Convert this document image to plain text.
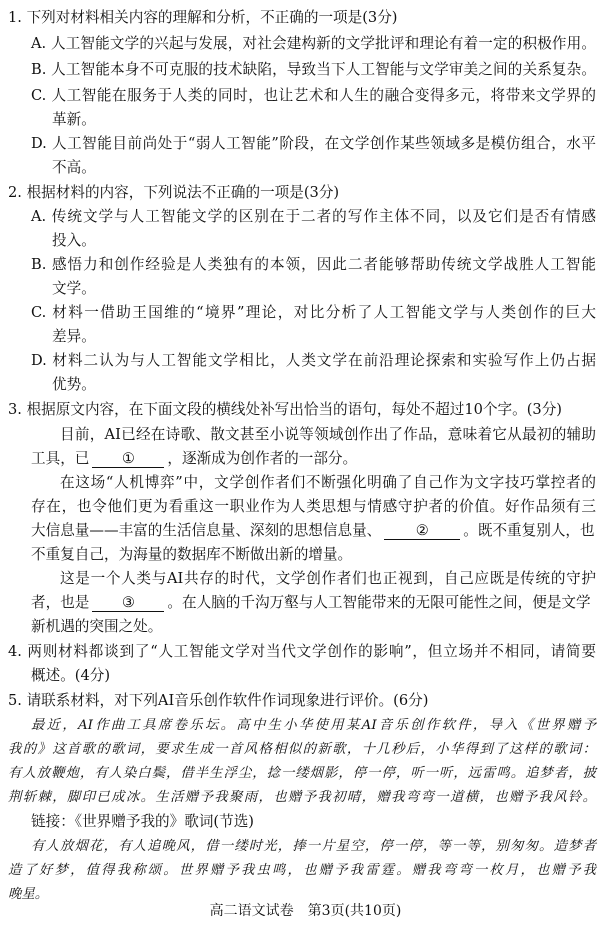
1. 下列对材料相关内容的理解和分析，不正确的一项是(3分)
A. 人工智能文学的兴起与发展，对社会建构新的文学批评和理论有着一定的积极作用。
B. 人工智能本身不可克服的技术缺陷，导致当下人工智能与文学审美之间的关系复杂。
C. 人工智能在服务于人类的同时，也让艺术和人生的融合变得多元，将带来文学界的
革新。
D. 人工智能目前尚处于“弱人工智能”阶段，在文学创作某些领域多是模仿组合，水平
不高。
2. 根据材料的内容，下列说法不正确的一项是(3分)
A. 传统文学与人工智能文学的区别在于二者的写作主体不同，以及它们是否有情感
投入。
B. 感悟力和创作经验是人类独有的本领，因此二者能够帮助传统文学战胜人工智能
文学。
C. 材料一借助王国维的“境界”理论，对比分析了人工智能文学与人类创作的巨大
差异。
D. 材料二认为与人工智能文学相比，人类文学在前沿理论探索和实验写作上仍占据
优势。
3. 根据原文内容，在下面文段的横线处补写出恰当的语句，每处不超过10个字。(3分)
目前，AI已经在诗歌、散文甚至小说等领域创作出了作品，意味着它从最初的辅助
工具，已 ① ，逐渐成为创作者的一部分。
在这场“人机博弈”中，文学创作者们不断强化明确了自己作为文字技巧掌控者的
存在，也令他们更为看重这一职业作为人类思想与情感守护者的价值。好作品须有三
大信息量——丰富的生活信息量、深刻的思想信息量、 ② 。既不重复别人，也
不重复自己，为海量的数据库不断做出新的增量。
这是一个人类与AI共存的时代，文学创作者们也正视到，自己应既是传统的守护
者，也是 ③ 。在人脑的千沟万壑与人工智能带来的无限可能性之间，便是文学
新机遇的突围之处。
4. 两则材料都谈到了“人工智能文学对当代文学创作的影响”，但立场并不相同，请简要
概述。(4分)
5. 请联系材料，对下列AI音乐创作软件作词现象进行评价。(6分)
最近，AI作曲工具席卷乐坛。高中生小华使用某AI音乐创作软件，导入《世界赠予
我的》这首歌的歌词，要求生成一首风格相似的新歌，十几秒后，小华得到了这样的歌词：
有人放鞭炮，有人染白鬓，借半生浮尘，捻一缕烟影，停一停，听一听，远雷鸣。追梦者，披
荆斩棘，脚印已成冰。生活赠予我聚雨，也赠予我初晴，赠我弯弯一道横，也赠予我风铃。
链接：《世界赠予我的》歌词(节选)
有人放烟花，有人追晚风，借一缕时光，捧一片星空，停一停，等一等，别匆匆。造梦者
造了好梦，值得我称颂。世界赠予我虫鸣，也赠予我雷霆。赠我弯弯一枚月，也赠予我
晚星。
高二语文试卷　第3页(共10页)
